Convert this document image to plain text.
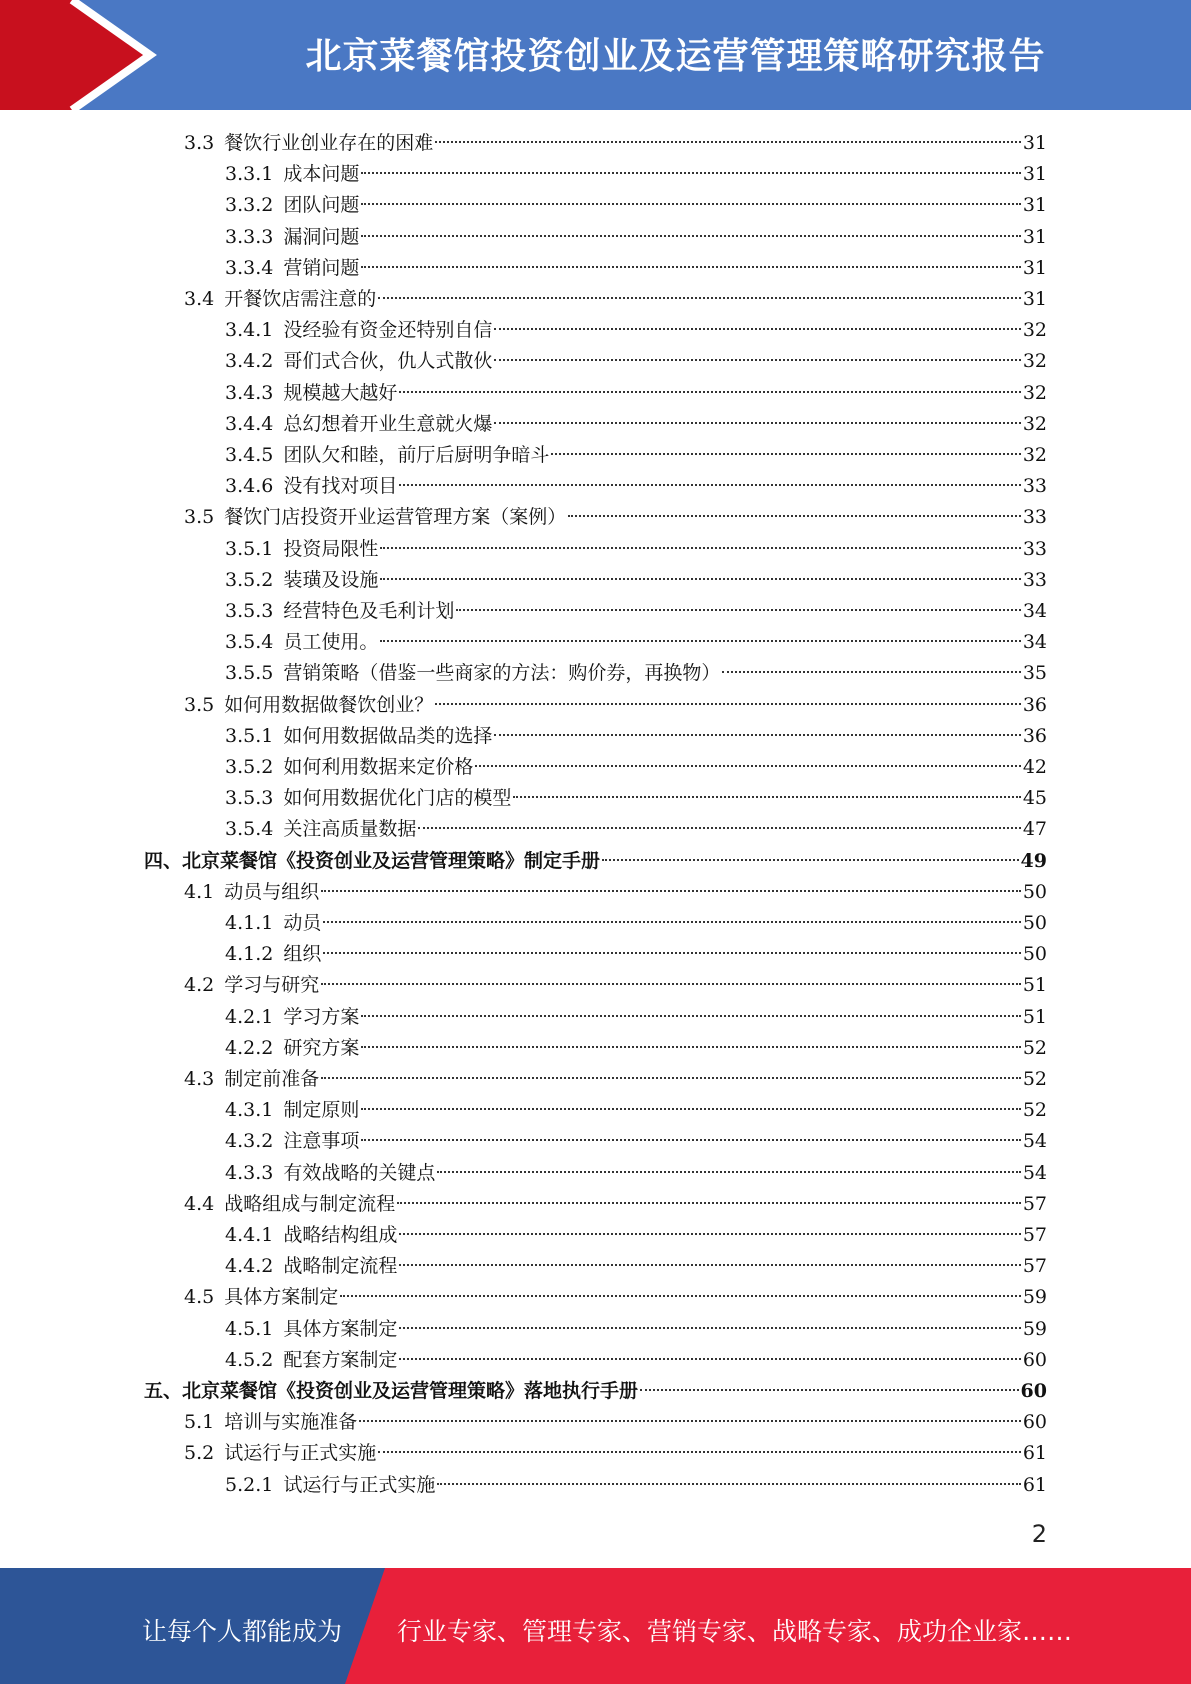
北京菜餐馆投资创业及运营管理策略研究报告
3.3 餐饮行业创业存在的困难	31
3.3.1 成本问题	31
3.3.2 团队问题	31
3.3.3 漏洞问题	31
3.3.4 营销问题	31
3.4 开餐饮店需注意的	31
3.4.1 没经验有资金还特别自信	32
3.4.2 哥们式合伙，仇人式散伙	32
3.4.3 规模越大越好	32
3.4.4 总幻想着开业生意就火爆	32
3.4.5 团队欠和睦，前厅后厨明争暗斗	32
3.4.6 没有找对项目	33
3.5 餐饮门店投资开业运营管理方案（案例）	33
3.5.1 投资局限性	33
3.5.2 装璜及设施	33
3.5.3 经营特色及毛利计划	34
3.5.4 员工使用。	34
3.5.5 营销策略（借鉴一些商家的方法：购价券，再换物）	35
3.5 如何用数据做餐饮创业？	36
3.5.1 如何用数据做品类的选择	36
3.5.2 如何利用数据来定价格	42
3.5.3 如何用数据优化门店的模型	45
3.5.4 关注高质量数据	47
四、北京菜餐馆《投资创业及运营管理策略》制定手册	49
4.1 动员与组织	50
4.1.1 动员	50
4.1.2 组织	50
4.2 学习与研究	51
4.2.1 学习方案	51
4.2.2 研究方案	52
4.3 制定前准备	52
4.3.1 制定原则	52
4.3.2 注意事项	54
4.3.3 有效战略的关键点	54
4.4 战略组成与制定流程	57
4.4.1 战略结构组成	57
4.4.2 战略制定流程	57
4.5 具体方案制定	59
4.5.1 具体方案制定	59
4.5.2 配套方案制定	60
五、北京菜餐馆《投资创业及运营管理策略》落地执行手册	60
5.1 培训与实施准备	60
5.2 试运行与正式实施	61
5.2.1 试运行与正式实施	61
2
让每个人都能成为 行业专家、管理专家、营销专家、战略专家、成功企业家……
